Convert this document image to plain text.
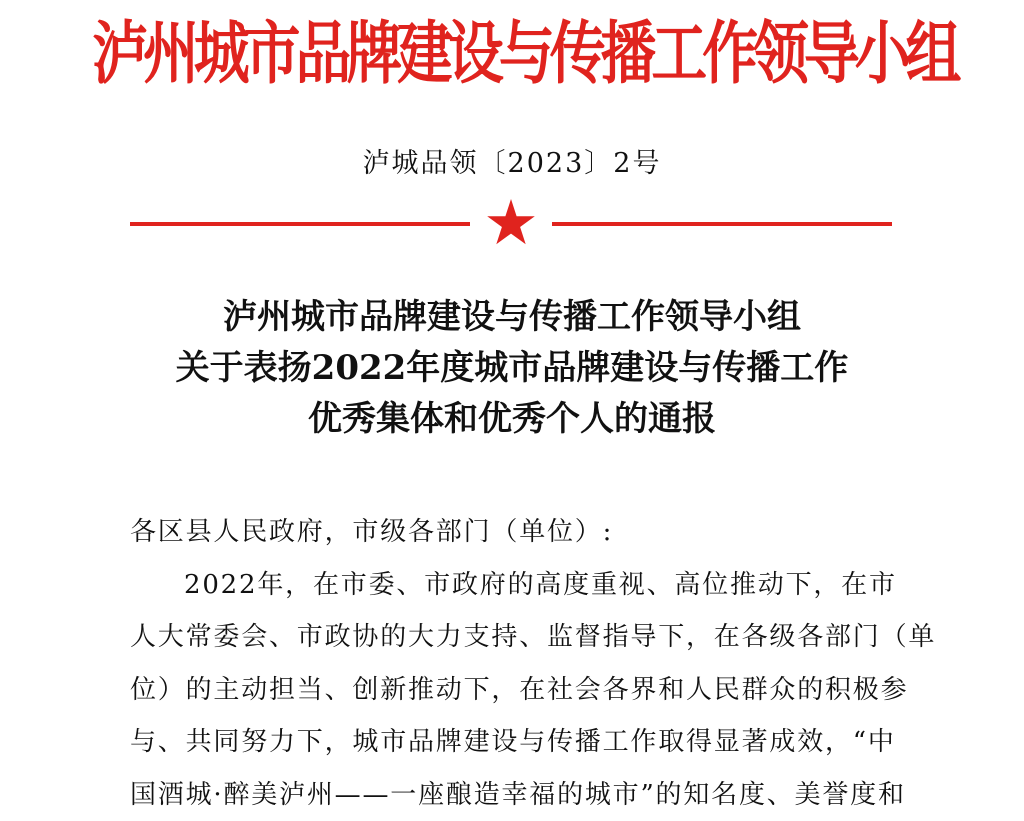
泸州城市品牌建设与传播工作领导小组
泸城品领〔2023〕2号
泸州城市品牌建设与传播工作领导小组
关于表扬2022年度城市品牌建设与传播工作
优秀集体和优秀个人的通报
各区县人民政府，市级各部门（单位）:
2022年，在市委、市政府的高度重视、高位推动下，在市
人大常委会、市政协的大力支持、监督指导下，在各级各部门（单
位）的主动担当、创新推动下，在社会各界和人民群众的积极参
与、共同努力下，城市品牌建设与传播工作取得显著成效，“中
国酒城·醉美泸州——一座酿造幸福的城市”的知名度、美誉度和
